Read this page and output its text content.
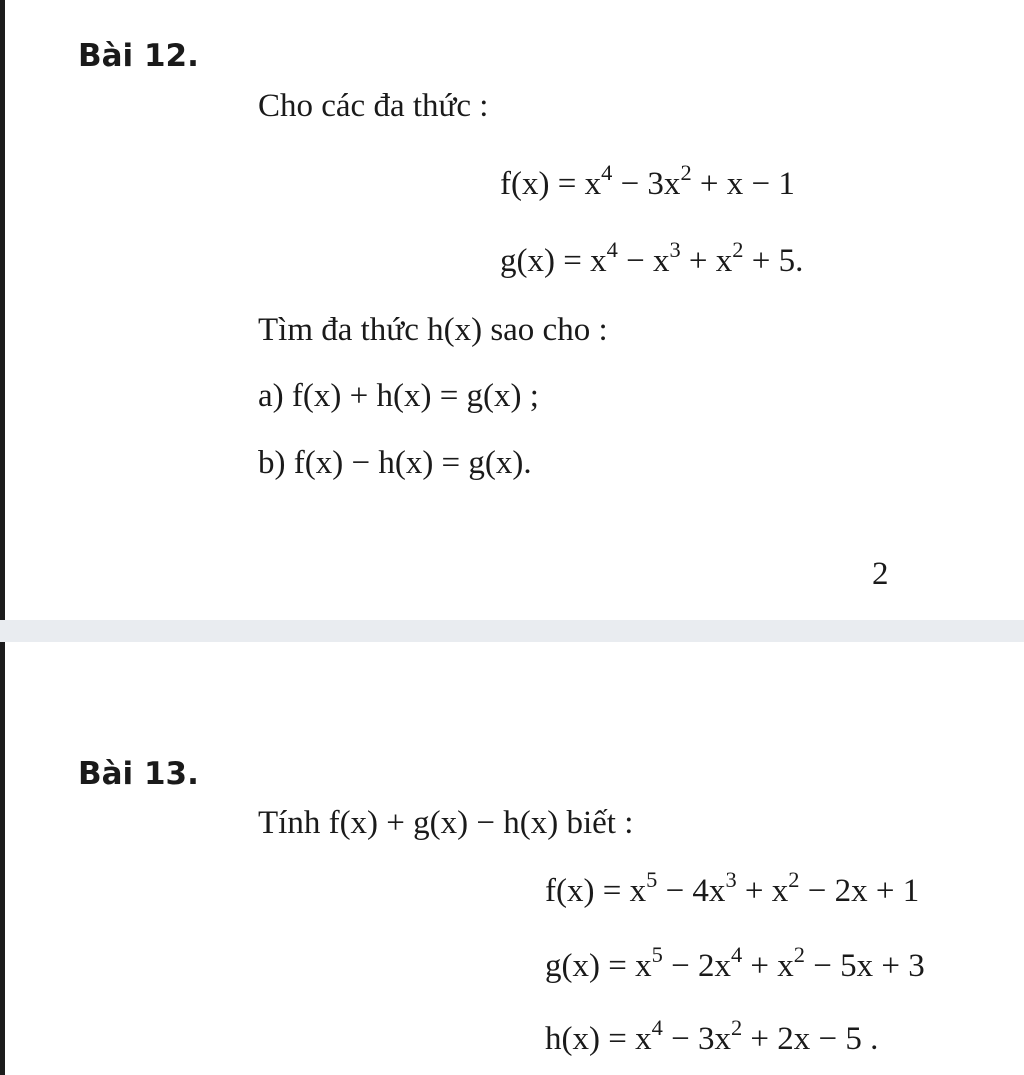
Bài 12.

Cho các đa thức :

$f(x) = x^4 - 3x^2 + x - 1$
$g(x) = x^4 - x^3 + x^2 + 5$.

Tìm đa thức h(x) sao cho :

a) f(x) + h(x) = g(x) ;
b) f(x) − h(x) = g(x).
2
Bài 13.

Tính f(x) + g(x) − h(x) biết :

$f(x) = x^5 - 4x^3 + x^2 - 2x + 1$
$g(x) = x^5 - 2x^4 + x^2 - 5x + 3$
$h(x) = x^4 - 3x^2 + 2x - 5$ .
